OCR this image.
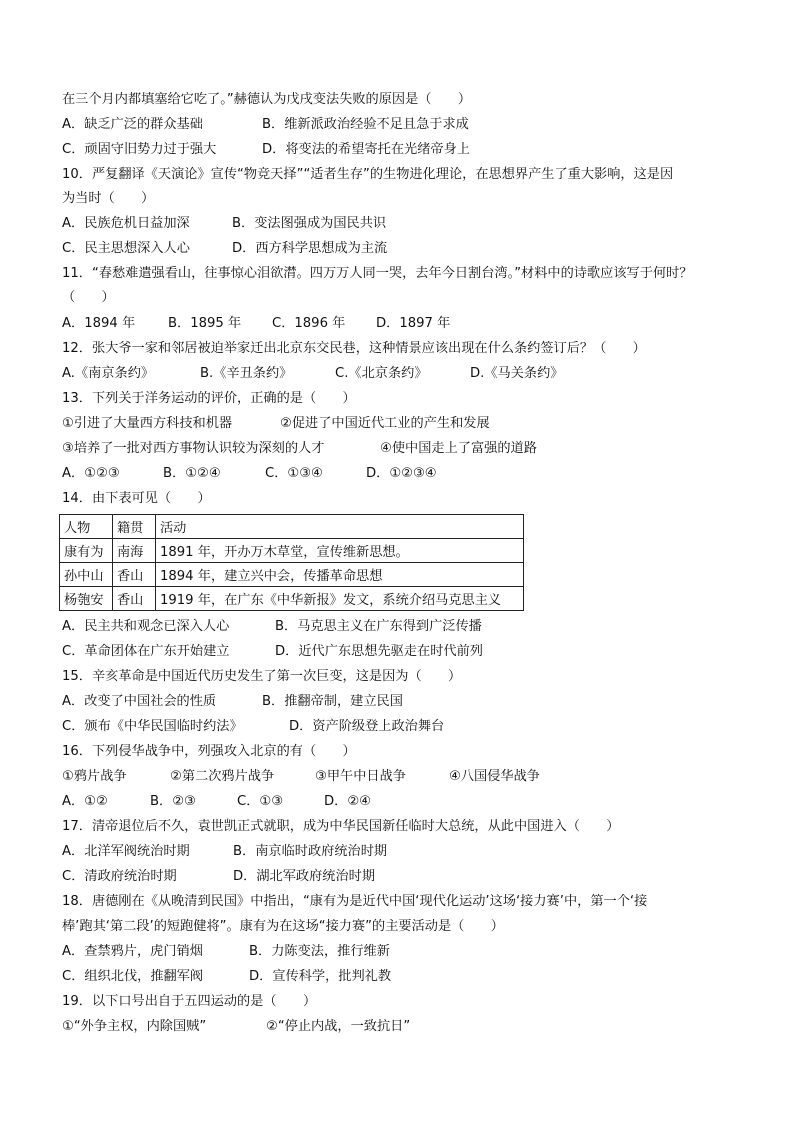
在三个月内都填塞给它吃了。”赫德认为戊戌变法失败的原因是（　　）
A．缺乏广泛的群众基础	B．维新派政治经验不足且急于求成
C．顽固守旧势力过于强大	D．将变法的希望寄托在光绪帝身上
10．严复翻译《天演论》宣传“物竞天择”“适者生存”的生物进化理论，在思想界产生了重大影响，这是因
为当时（　　）
A．民族危机日益加深	B．变法图强成为国民共识
C．民主思想深入人心	D．西方科学思想成为主流
11．“春愁难遣强看山，往事惊心泪欲潸。四万万人同一哭，去年今日割台湾。”材料中的诗歌应该写于何时？
（　　）
A．1894 年 B．1895 年 C．1896 年 D．1897 年
12．张大爷一家和邻居被迫举家迁出北京东交民巷，这种情景应该出现在什么条约签订后？（　　）
A.《南京条约》	B.《辛丑条约》	C.《北京条约》	D.《马关条约》
13．下列关于洋务运动的评价，正确的是（　　）
①引进了大量西方科技和机器	②促进了中国近代工业的产生和发展
③培养了一批对西方事物认识较为深刻的人才	④使中国走上了富强的道路
A．①②③	B．①②④	C．①③④	D．①②③④
14．由下表可见（　　）
人物	籍贯	活动
康有为	南海	1891 年，开办万木草堂，宣传维新思想。
孙中山	香山	1894 年，建立兴中会，传播革命思想
杨匏安	香山	1919 年，在广东《中华新报》发文，系统介绍马克思主义
A．民主共和观念已深入人心	B．马克思主义在广东得到广泛传播
C．革命团体在广东开始建立	D．近代广东思想先驱走在时代前列
15．辛亥革命是中国近代历史发生了第一次巨变，这是因为（　　）
A．改变了中国社会的性质	B．推翻帝制，建立民国
C．颁布《中华民国临时约法》	D．资产阶级登上政治舞台
16．下列侵华战争中，列强攻入北京的有（　　）
①鸦片战争	②第二次鸦片战争	③甲午中日战争	④八国侵华战争
A．①②	B．②③	C．①③	D．②④
17．清帝退位后不久，袁世凯正式就职，成为中华民国新任临时大总统，从此中国进入（　　）
A．北洋军阀统治时期	B．南京临时政府统治时期
C．清政府统治时期	D．湖北军政府统治时期
18．唐德刚在《从晚清到民国》中指出，“康有为是近代中国‘现代化运动’这场‘接力赛’中，第一个‘接
棒’跑其‘第二段’的短跑健将”。康有为在这场“接力赛”的主要活动是（　　）
A．查禁鸦片，虎门销烟	B．力陈变法，推行维新
C．组织北伐，推翻军阀	D．宣传科学，批判礼教
19．以下口号出自于五四运动的是（　　）
①“外争主权，内除国贼”	②“停止内战，一致抗日”
